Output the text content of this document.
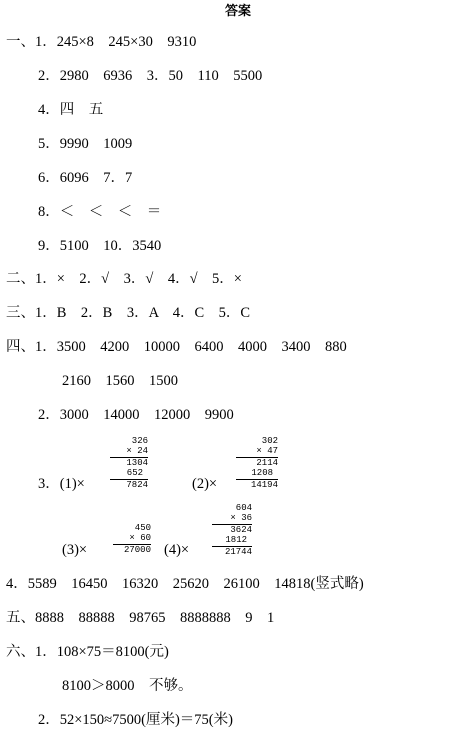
答案
一、1．245×8　245×30　9310
2．2980　6936　3．50　110　5500
4．四　五
5．9990　1009
6．6096　7．7
8．＜　＜　＜　＝
9．5100　10．3540
二、1．×　2．√　3．√　4．√　5．×
三、1．B　2．B　3．A　4．C　5．C
四、1．3500　4200　10000　6400　4000　3400　880
2160　1560　1500
2．3000　14000　12000　9900
3．(1)×	(2)×
(3)×	(4)×
326
× 24
1304
652
7824
302
× 47
2114
1208
14194
450
× 60
27000
604
× 36
3624
1812
21744
4．5589　16450　16320　25620　26100　14818(竖式略)
五、8888　88888　98765　8888888　9　1
六、1．108×75＝8100(元)
8100＞8000　不够。
2．52×150≈7500(厘米)＝75(米)
